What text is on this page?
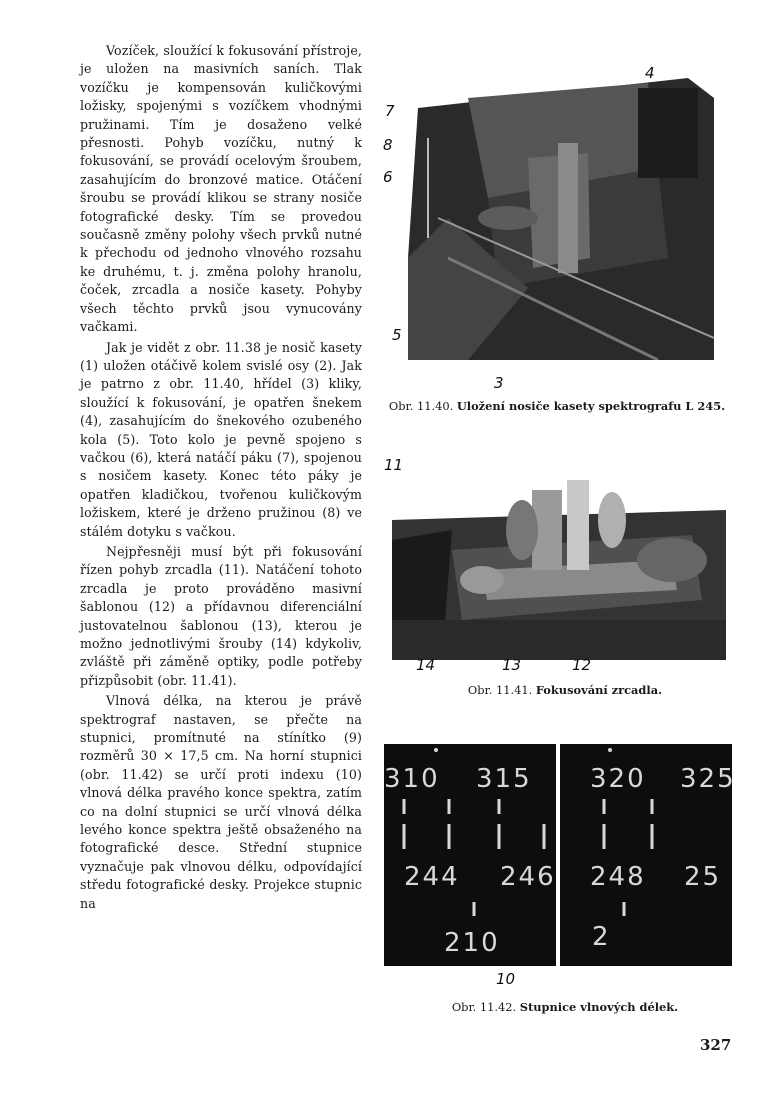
Vozíček, sloužící k fokusování přístroje, je uložen na masivních saních. Tlak vozíčku je kompensován kuličkovými ložisky, spojenými s vozíčkem vhodnými pružinami. Tím je dosaženo velké přesnosti. Pohyb vozíčku, nutný k fokusování, se provádí ocelovým šroubem, zasahujícím do bronzové matice. Otáčení šroubu se provádí klikou se strany nosiče fotografické desky. Tím se provedou současně změny polohy všech prvků nutné k přechodu od jednoho vlnového rozsahu ke druhému, t. j. změna polohy hranolu, čoček, zrcadla a nosiče kasety. Pohyby všech těchto prvků jsou vynucovány vačkami.

Jak je vidět z obr. 11.38 je nosič kasety (1) uložen otáčivě kolem svislé osy (2). Jak je patrno z obr. 11.40, hřídel (3) kliky, sloužící k fokusování, je opatřen šnekem (4), zasahujícím do šnekového ozubeného kola (5). Toto kolo je pevně spojeno s vačkou (6), která natáčí páku (7), spojenou s nosičem kasety. Konec této páky je opatřen kladičkou, tvořenou kuličkovým ložiskem, které je drženo pružinou (8) ve stálém dotyku s vačkou.

Nejpřesněji musí být při fokusování řízen pohyb zrcadla (11). Natáčení tohoto zrcadla je proto prováděno masivní šablonou (12) a přídavnou diferenciální justovatelnou šablonou (13), kterou je možno jednotlivými šrouby (14) kdykoliv, zvláště při záměně optiky, podle potřeby přizpůsobit (obr. 11.41).

Vlnová délka, na kterou je právě spektrograf nastaven, se přečte na stupnici, promítnuté na stínítko (9) rozměrů 30 × 17,5 cm. Na horní stupnici (obr. 11.42) se určí proti indexu (10) vlnová délka pravého konce spektra, zatím co na dolní stupnici se určí vlnová délka levého konce spektra ještě obsaženého na fotografické desce. Střední stupnice vyznačuje pak vlnovou délku, odpovídající středu fotografické desky. Projekce stupnic na

4
7
8
6
5
3
Obr. 11.40. Uložení nosiče kasety spektrografu L 245.
11
14	13	12
Obr. 11.41. Fokusování zrcadla.
310 315 320 325
244 246 248 25
210	2
10
Obr. 11.42. Stupnice vlnových délek.
327
